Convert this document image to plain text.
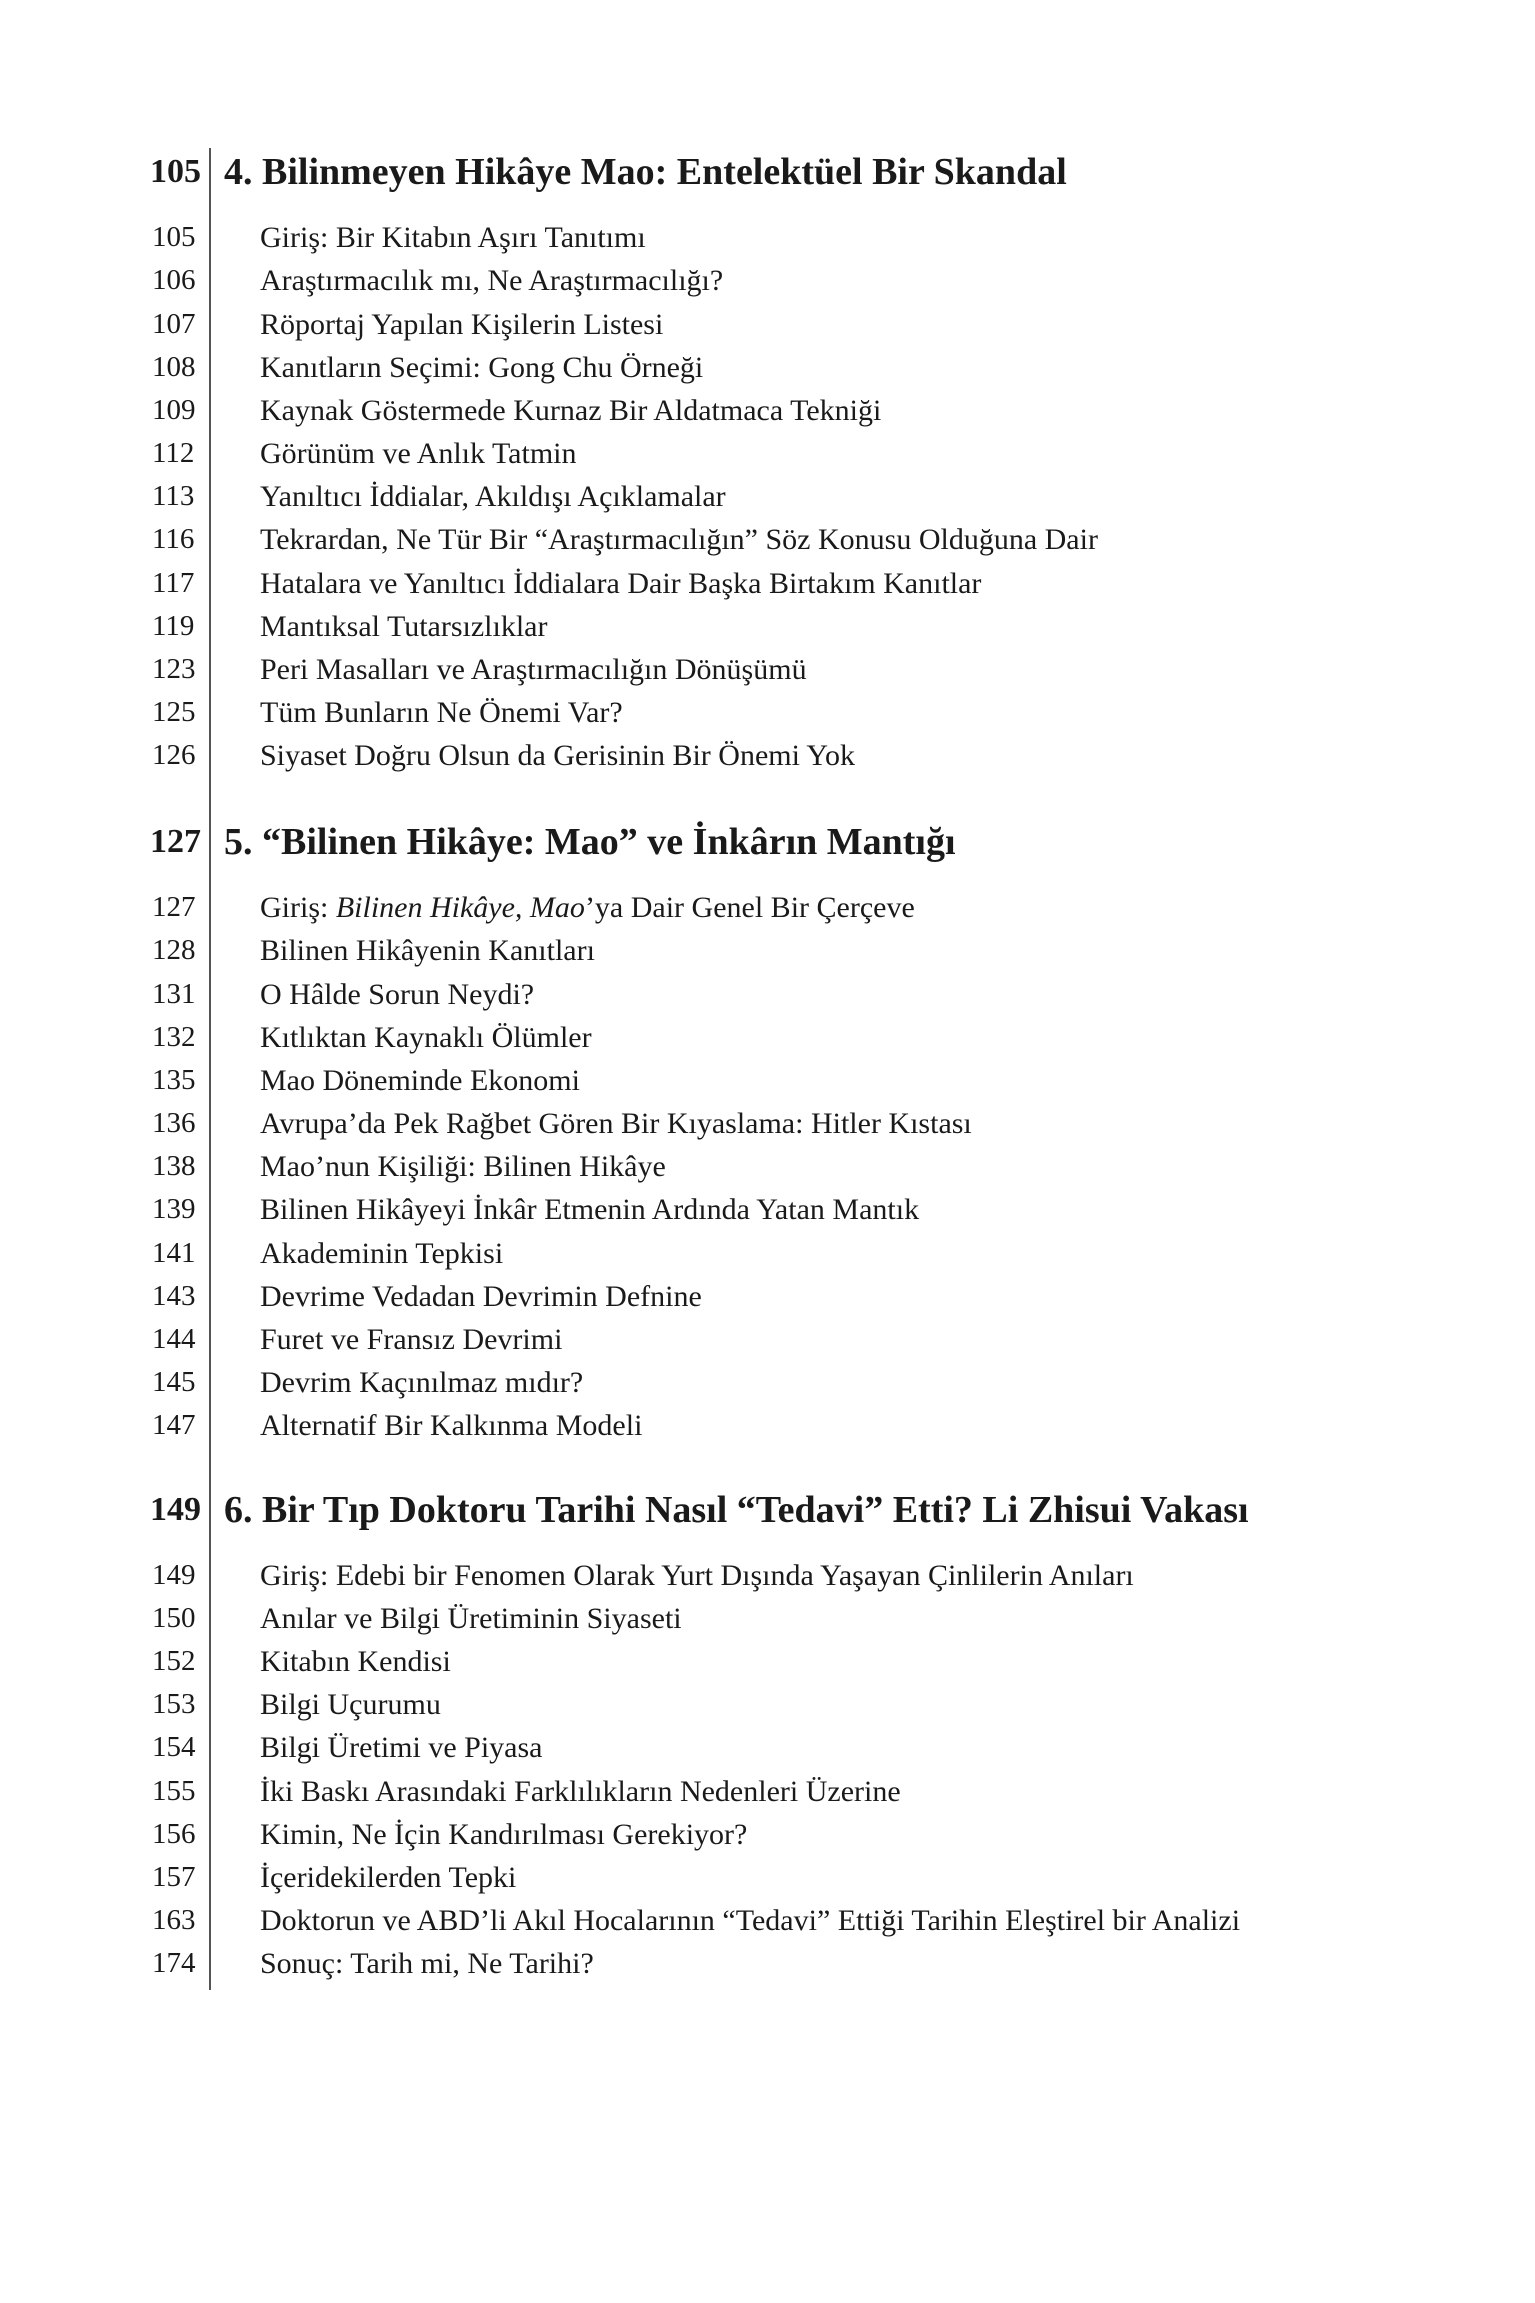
105 4. Bilinmeyen Hikâye Mao: Entelektüel Bir Skandal
105	Giriş: Bir Kitabın Aşırı Tanıtımı
106	Araştırmacılık mı, Ne Araştırmacılığı?
107	Röportaj Yapılan Kişilerin Listesi
108	Kanıtların Seçimi: Gong Chu Örneği
109	Kaynak Göstermede Kurnaz Bir Aldatmaca Tekniği
112	Görünüm ve Anlık Tatmin
113	Yanıltıcı İddialar, Akıldışı Açıklamalar
116	Tekrardan, Ne Tür Bir “Araştırmacılığın” Söz Konusu Olduğuna Dair
117	Hatalara ve Yanıltıcı İddialara Dair Başka Birtakım Kanıtlar
119	Mantıksal Tutarsızlıklar
123	Peri Masalları ve Araştırmacılığın Dönüşümü
125	Tüm Bunların Ne Önemi Var?
126	Siyaset Doğru Olsun da Gerisinin Bir Önemi Yok
127 5. “Bilinen Hikâye: Mao” ve İnkârın Mantığı
127	Giriş: Bilinen Hikâye, Mao’ya Dair Genel Bir Çerçeve
128	Bilinen Hikâyenin Kanıtları
131	O Hâlde Sorun Neydi?
132	Kıtlıktan Kaynaklı Ölümler
135	Mao Döneminde Ekonomi
136	Avrupa’da Pek Rağbet Gören Bir Kıyaslama: Hitler Kıstası
138	Mao’nun Kişiliği: Bilinen Hikâye
139	Bilinen Hikâyeyi İnkâr Etmenin Ardında Yatan Mantık
141	Akademinin Tepkisi
143	Devrime Vedadan Devrimin Defnine
144	Furet ve Fransız Devrimi
145	Devrim Kaçınılmaz mıdır?
147	Alternatif Bir Kalkınma Modeli
149 6. Bir Tıp Doktoru Tarihi Nasıl “Tedavi” Etti? Li Zhisui Vakası
149	Giriş: Edebi bir Fenomen Olarak Yurt Dışında Yaşayan Çinlilerin Anıları
150	Anılar ve Bilgi Üretiminin Siyaseti
152	Kitabın Kendisi
153	Bilgi Uçurumu
154	Bilgi Üretimi ve Piyasa
155	İki Baskı Arasındaki Farklılıkların Nedenleri Üzerine
156	Kimin, Ne İçin Kandırılması Gerekiyor?
157	İçeridekilerden Tepki
163	Doktorun ve ABD’li Akıl Hocalarının “Tedavi” Ettiği Tarihin Eleştirel bir Analizi
174	Sonuç: Tarih mi, Ne Tarihi?
